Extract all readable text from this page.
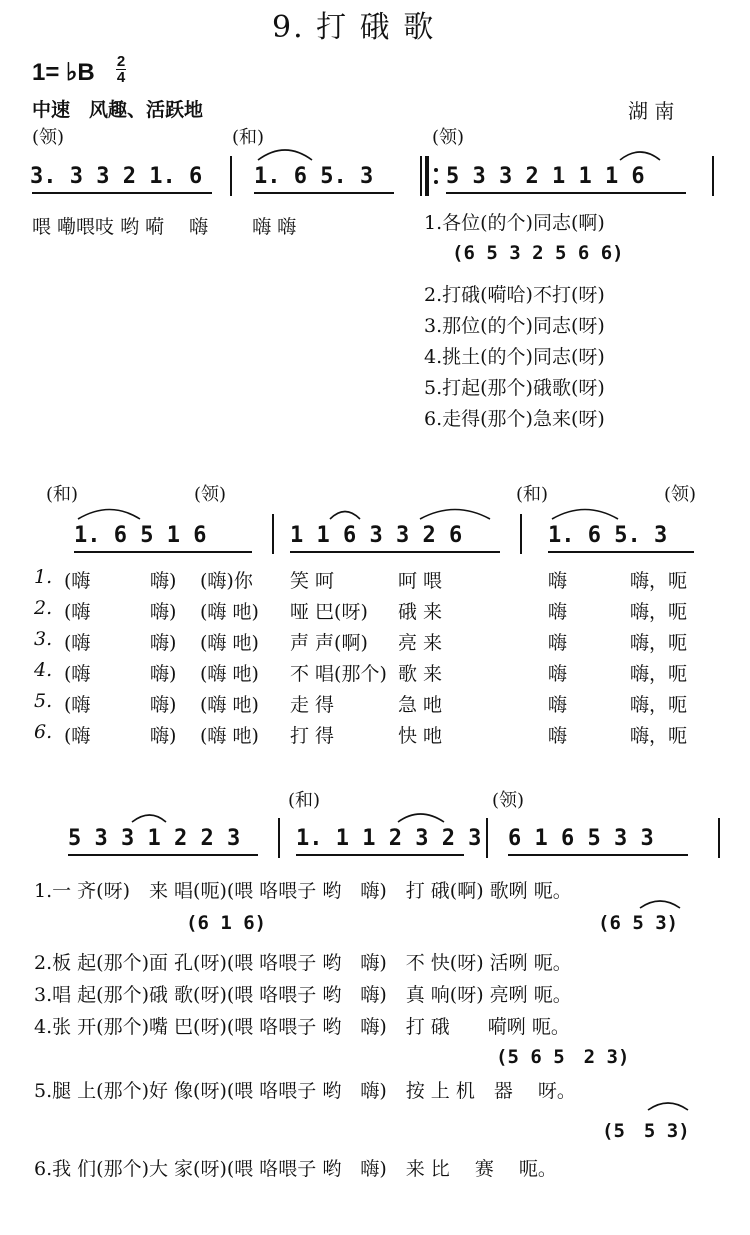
9. 打 硪 歌
1= ♭B 2
4
中速　风趣、活跃地	湖 南
(领)	(和)	(领)
3. 3 3 2 1. 6 1. 6 5. 3	5 3 3 2 1 1 1 6
喂 嘞喂吱 哟 嗬　 嗨　　 嗨 嗨	1.各位(的个)同志(啊)
(6 5 3 2 5 6 6)
2.打硪(嗬哈)不打(呀)
3.那位(的个)同志(呀)
4.挑土(的个)同志(呀)
5.打起(那个)硪歌(呀)
6.走得(那个)急来(呀)
(和)	(领)	(和)	(领)
1. 6 5 1 6	1 1 6 3 3 2 6	1. 6 5. 3
1. (嗨	嗨) (嗨)你 笑 呵	呵 喂	嗨	嗨，呃
2. (嗨	嗨) (嗨 吔) 哑 巴(呀) 硪 来	嗨	嗨，呃
3. (嗨	嗨) (嗨 吔) 声 声(啊) 亮 来	嗨	嗨，呃
4. (嗨	嗨) (嗨 吔) 不 唱(那个) 歌 来	嗨	嗨，呃
5. (嗨	嗨) (嗨 吔) 走 得	急 吔	嗨	嗨，呃
6. (嗨	嗨) (嗨 吔) 打 得	快 吔	嗨	嗨，呃
(和)	(领)
5 3 3 1 2 2 3	1. 1 1 2 3 2 3 6 1 6 5 3 3
1.一 齐(呀)　来 唱(呃)(喂 咯喂子 哟　嗨)　打 硪(啊) 歌咧 呃。
(6 1 6)	(6 5 3)
2.板 起(那个)面 孔(呀)(喂 咯喂子 哟　嗨)　不 快(呀) 活咧 呃。
3.唱 起(那个)硪 歌(呀)(喂 咯喂子 哟　嗨)　真 响(呀) 亮咧 呃。
4.张 开(那个)嘴 巴(呀)(喂 咯喂子 哟　嗨)　打 硪　　嗬咧 呃。
(5 6 5　2 3)
5.腿 上(那个)好 像(呀)(喂 咯喂子 哟　嗨)　按 上 机　器　 呀。
(5　5 3)
6.我 们(那个)大 家(呀)(喂 咯喂子 哟　嗨)　来 比　 赛　 呃。
